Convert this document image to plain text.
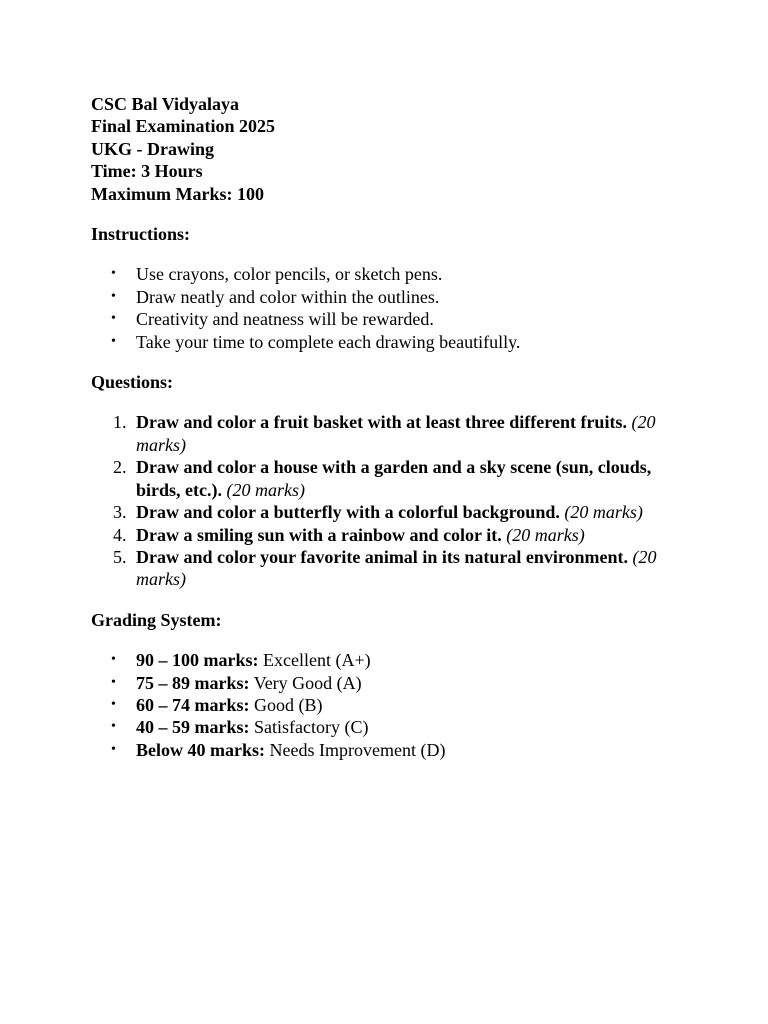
CSC Bal Vidyalaya
Final Examination 2025
UKG - Drawing
Time: 3 Hours
Maximum Marks: 100
Instructions:
• Use crayons, color pencils, or sketch pens.
• Draw neatly and color within the outlines.
• Creativity and neatness will be rewarded.
• Take your time to complete each drawing beautifully.
Questions:
1. Draw and color a fruit basket with at least three different fruits. (20 marks)
2. Draw and color a house with a garden and a sky scene (sun, clouds, birds, etc.). (20 marks)
3. Draw and color a butterfly with a colorful background. (20 marks)
4. Draw a smiling sun with a rainbow and color it. (20 marks)
5. Draw and color your favorite animal in its natural environment. (20 marks)
Grading System:
• 90 – 100 marks: Excellent (A+)
• 75 – 89 marks: Very Good (A)
• 60 – 74 marks: Good (B)
• 40 – 59 marks: Satisfactory (C)
• Below 40 marks: Needs Improvement (D)
